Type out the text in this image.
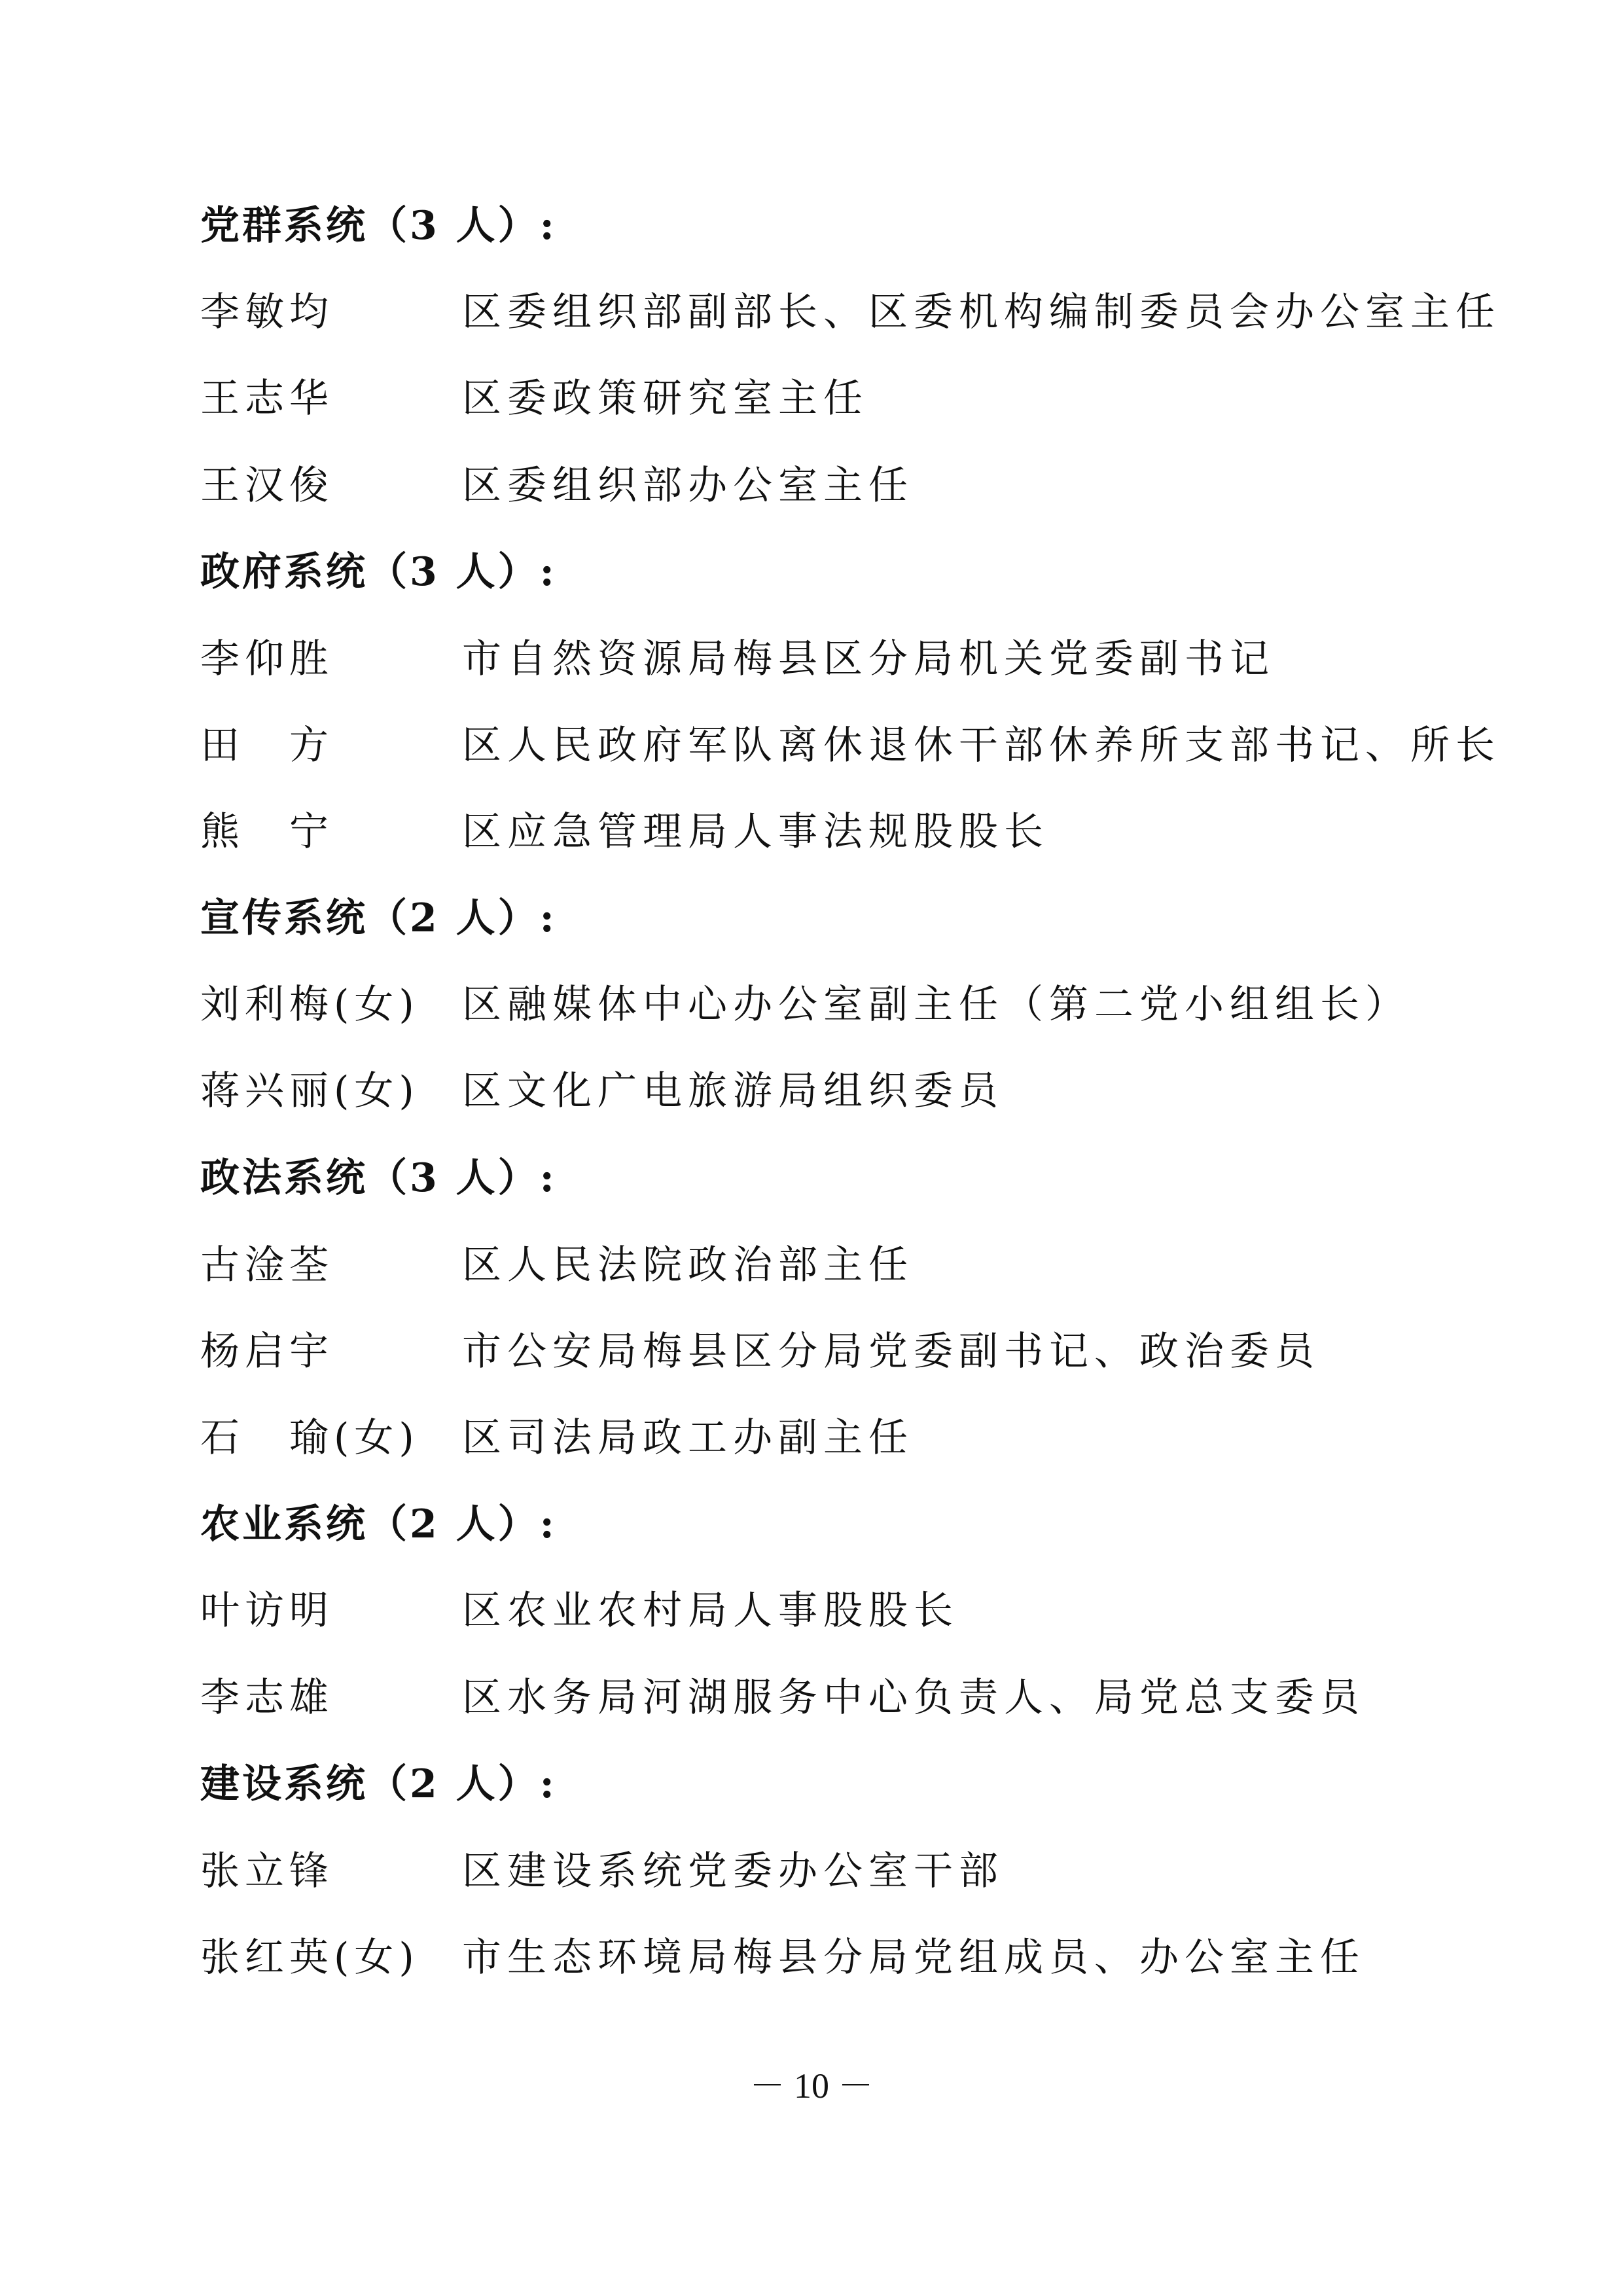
党群系统（3 人）:
李敏均	区委组织部副部长、区委机构编制委员会办公室主任
王志华	区委政策研究室主任
王汉俊	区委组织部办公室主任
政府系统（3 人）:
李仰胜	市自然资源局梅县区分局机关党委副书记
田　方	区人民政府军队离休退休干部休养所支部书记、所长
熊　宁	区应急管理局人事法规股股长
宣传系统（2 人）:
刘利梅(女)	区融媒体中心办公室副主任（第二党小组组长）
蒋兴丽(女)	区文化广电旅游局组织委员
政法系统（3 人）:
古淦荃	区人民法院政治部主任
杨启宇	市公安局梅县区分局党委副书记、政治委员
石　瑜(女)	区司法局政工办副主任
农业系统（2 人）:
叶访明	区农业农村局人事股股长
李志雄	区水务局河湖服务中心负责人、局党总支委员
建设系统（2 人）:
张立锋	区建设系统党委办公室干部
张红英(女)	市生态环境局梅县分局党组成员、办公室主任
－ 10 －
